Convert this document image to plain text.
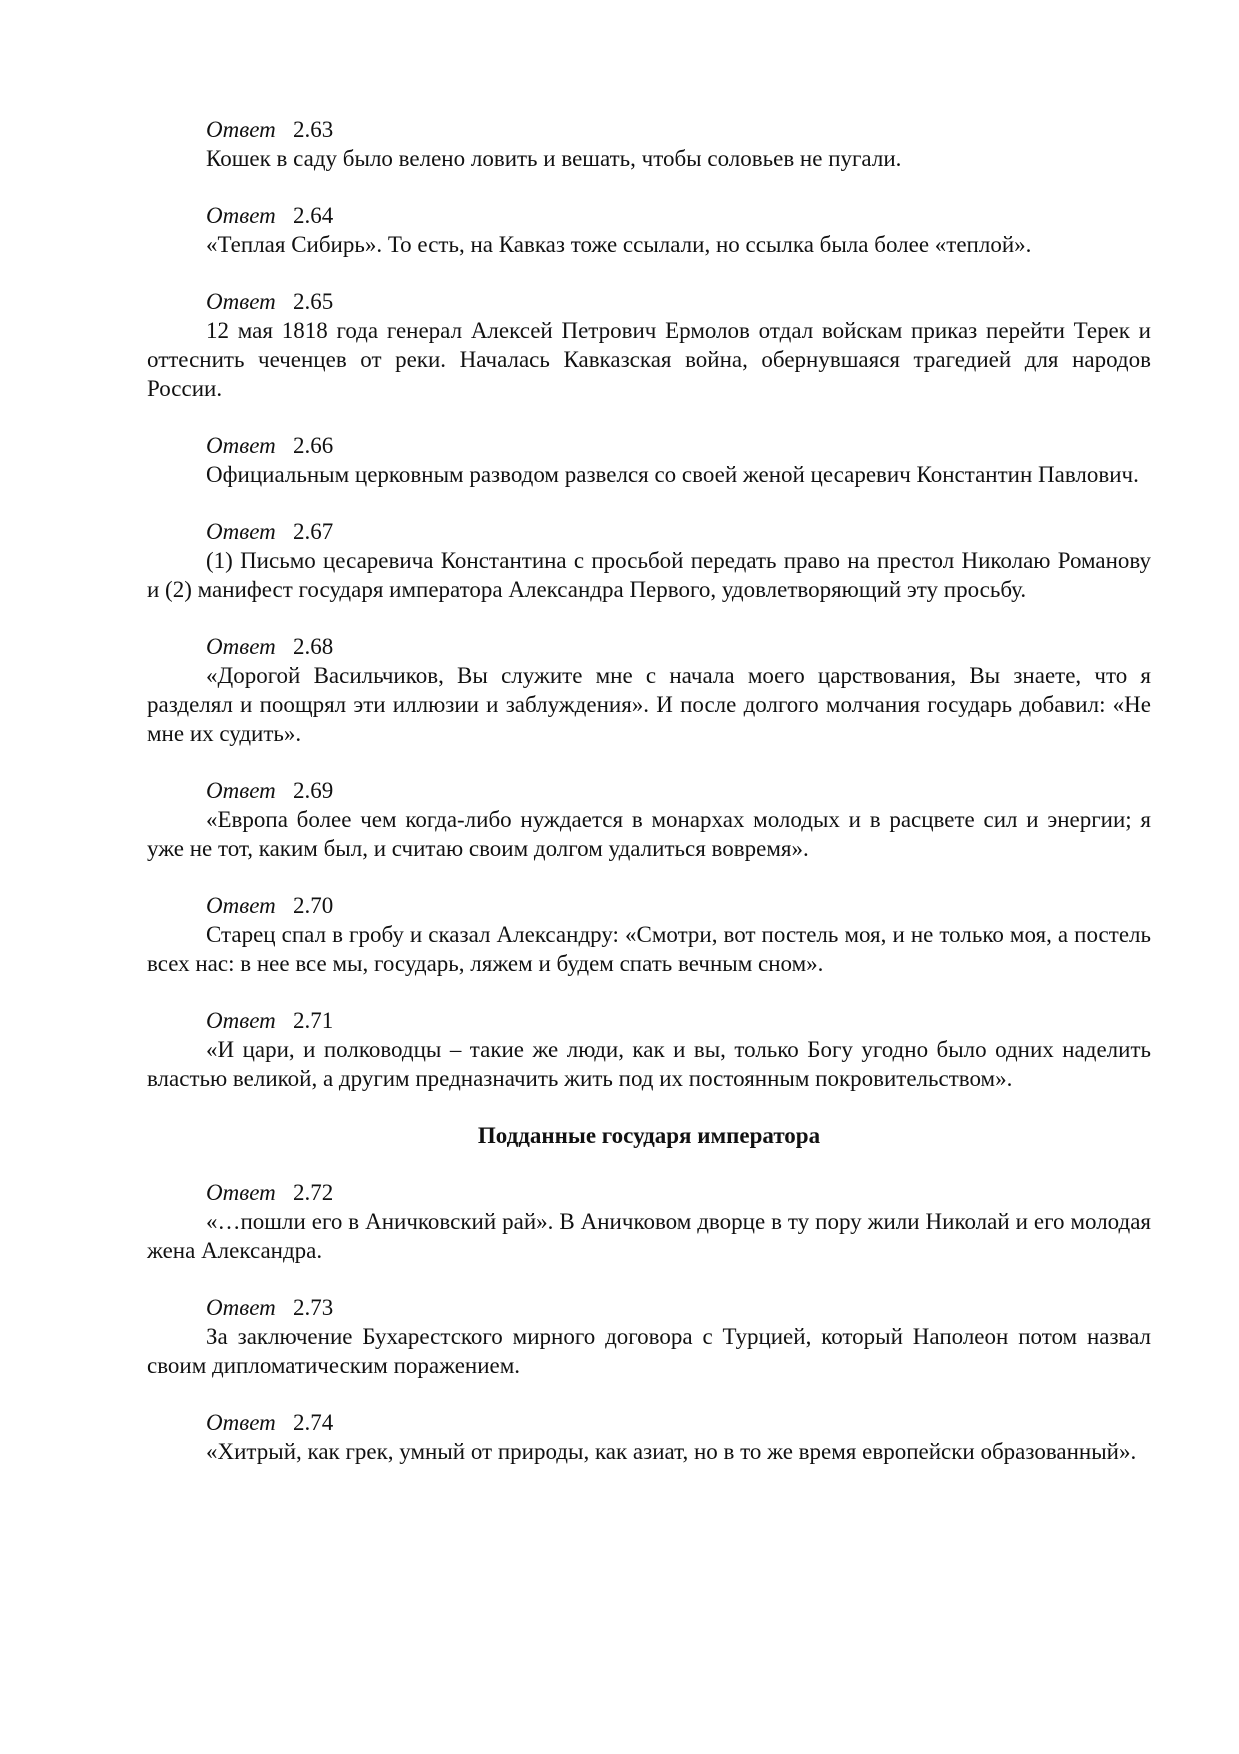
Ответ 2.63

Кошек в саду было велено ловить и вешать, чтобы соловьев не пугали.

Ответ 2.64

«Теплая Сибирь». То есть, на Кавказ тоже ссылали, но ссылка была более «теплой».

Ответ 2.65

12 мая 1818 года генерал Алексей Петрович Ермолов отдал войскам приказ перейти Терек и оттеснить чеченцев от реки. Началась Кавказская война, обернувшаяся трагедией для народов России.

Ответ 2.66

Официальным церковным разводом развелся со своей женой цесаревич Константин Павлович.

Ответ 2.67

(1) Письмо цесаревича Константина с просьбой передать право на престол Николаю Романову и (2) манифест государя императора Александра Первого, удовлетворяющий эту просьбу.

Ответ 2.68

«Дорогой Васильчиков, Вы служите мне с начала моего царствования, Вы знаете, что я разделял и поощрял эти иллюзии и заблуждения». И после долгого молчания государь добавил: «Не мне их судить».

Ответ 2.69

«Европа более чем когда-либо нуждается в монархах молодых и в расцвете сил и энергии; я уже не тот, каким был, и считаю своим долгом удалиться вовремя».

Ответ 2.70

Старец спал в гробу и сказал Александру: «Смотри, вот постель моя, и не только моя, а постель всех нас: в нее все мы, государь, ляжем и будем спать вечным сном».

Ответ 2.71

«И цари, и полководцы – такие же люди, как и вы, только Богу угодно было одних наделить властью великой, а другим предназначить жить под их постоянным покровительством».

Подданные государя императора
Ответ 2.72

«…пошли его в Аничковский рай». В Аничковом дворце в ту пору жили Николай и его молодая жена Александра.

Ответ 2.73

За заключение Бухарестского мирного договора с Турцией, который Наполеон потом назвал своим дипломатическим поражением.

Ответ 2.74

«Хитрый, как грек, умный от природы, как азиат, но в то же время европейски образованный».
